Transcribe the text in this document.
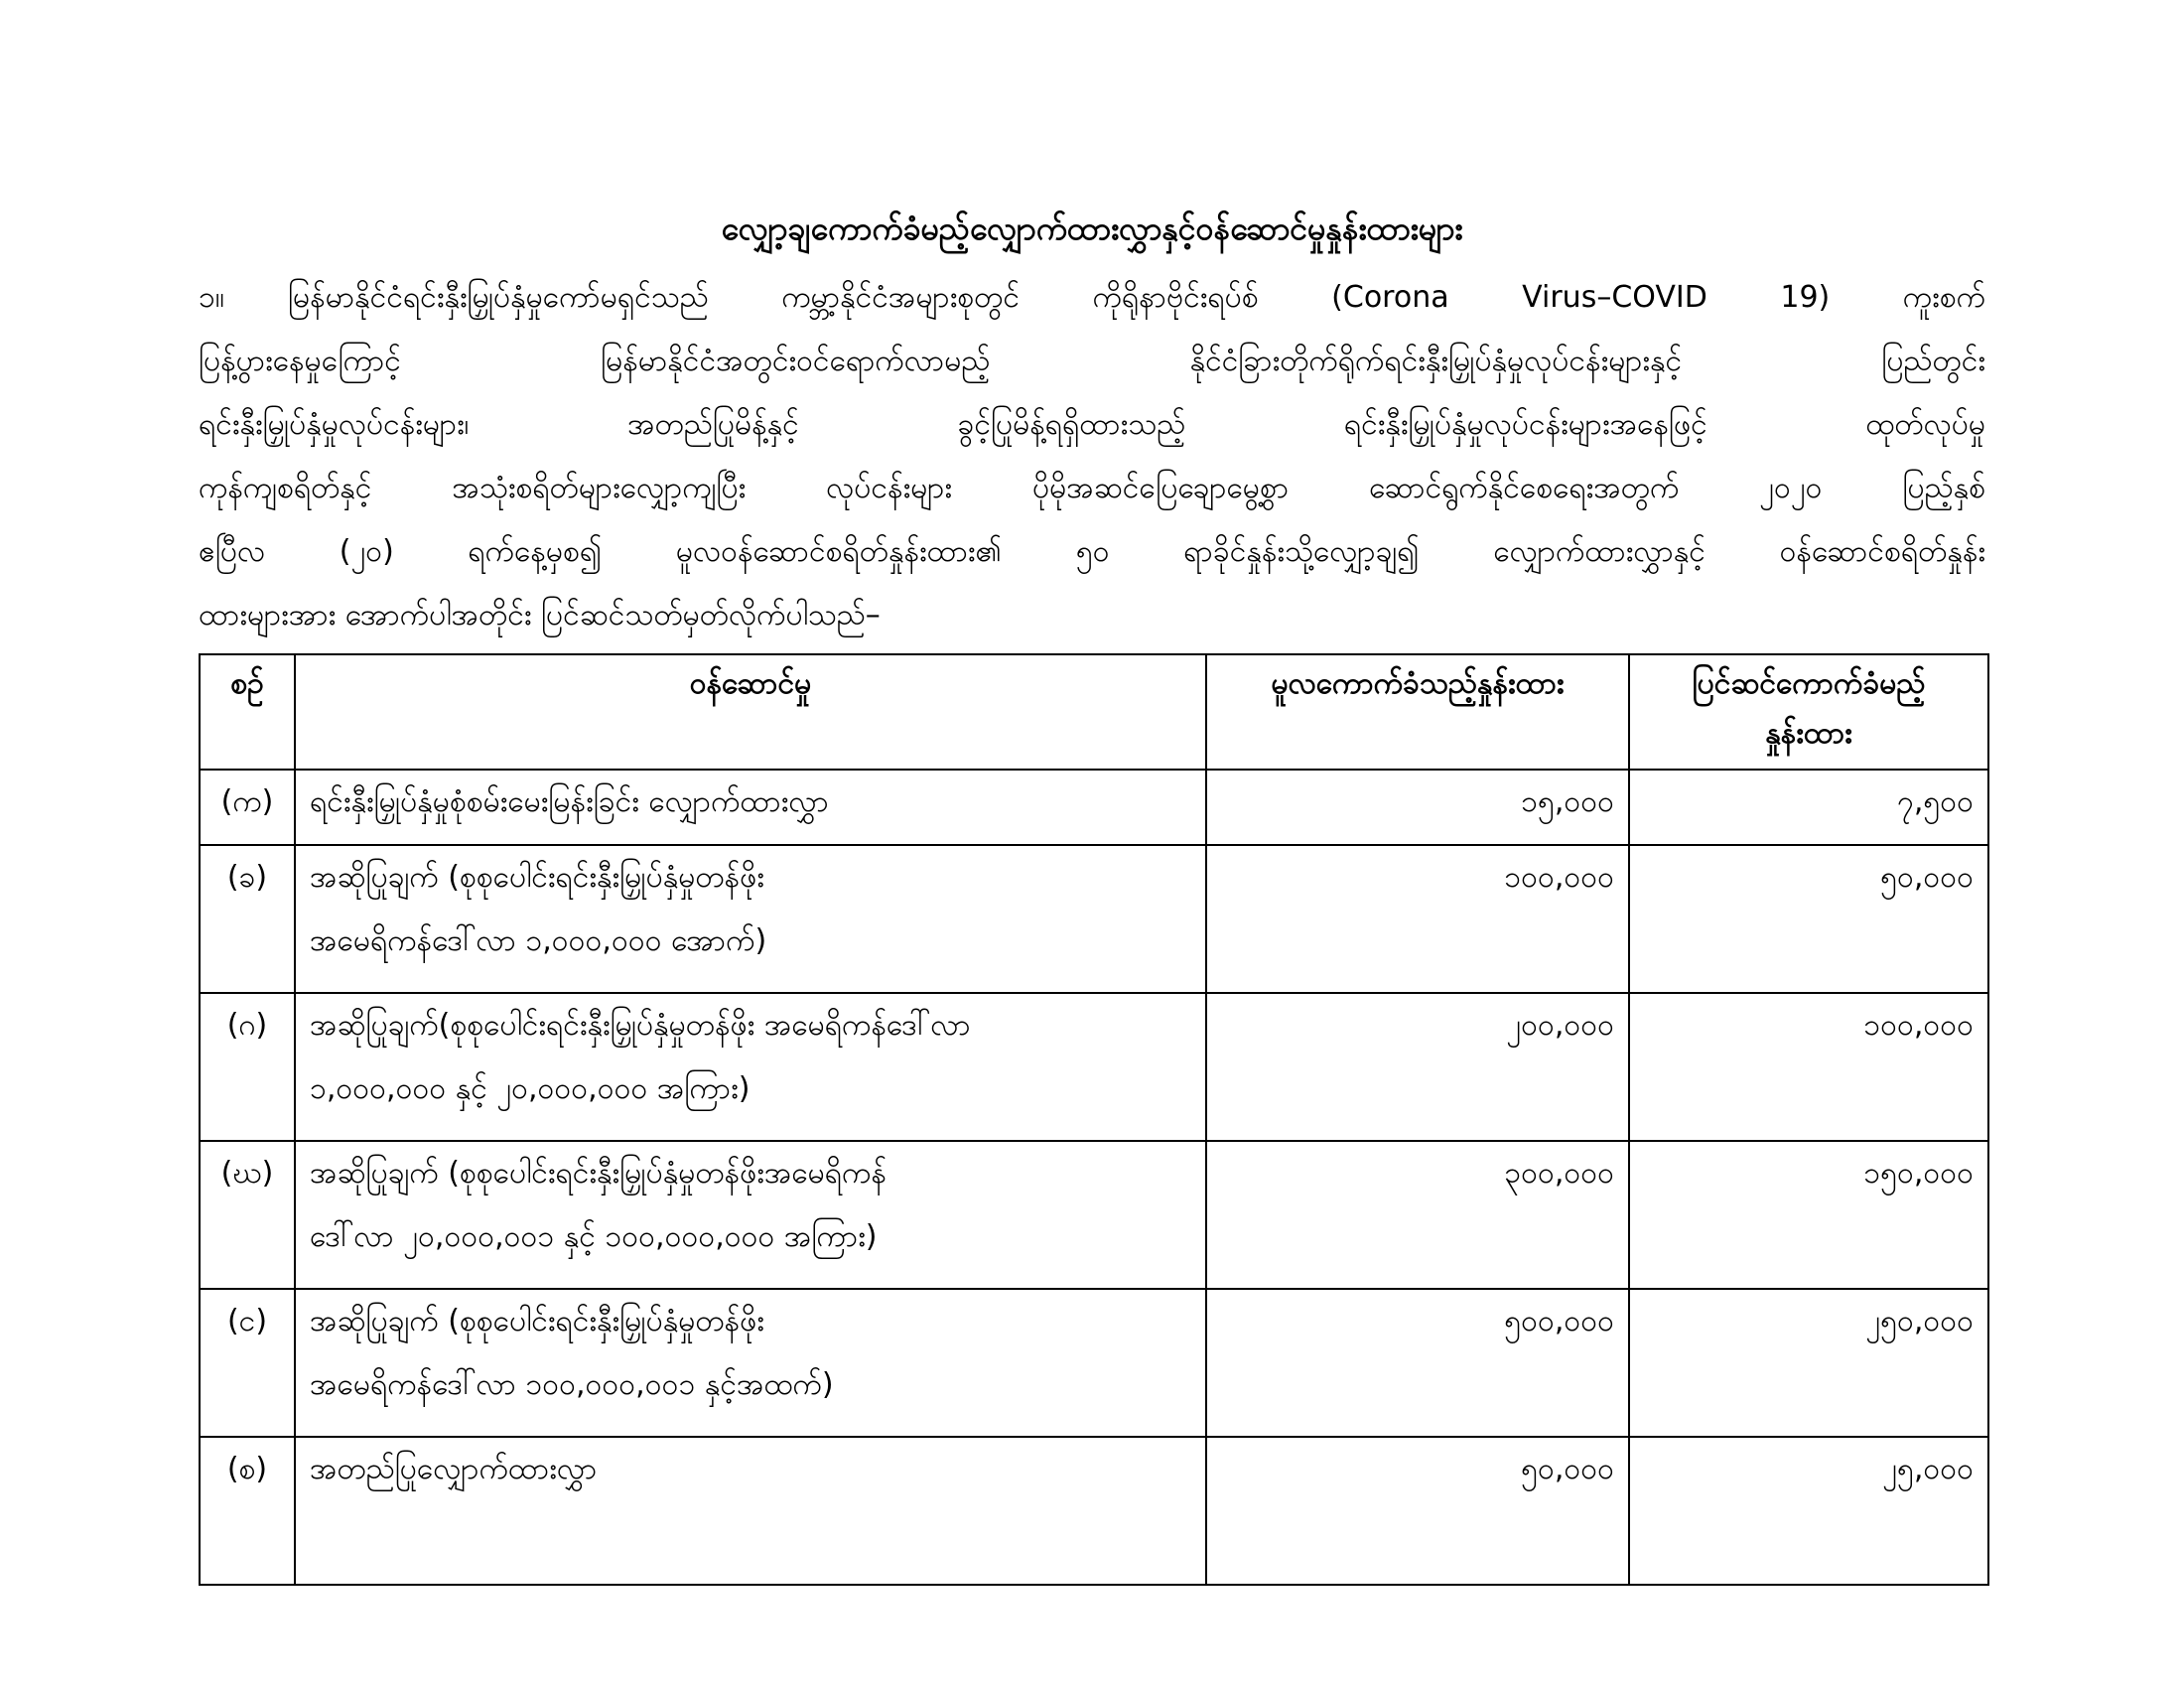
လျှော့ချကောက်ခံမည့်လျှောက်ထားလွှာနှင့်ဝန်ဆောင်မှုနှုန်းထားများ
၁။ မြန်မာနိုင်ငံရင်းနှီးမြှုပ်နှံမှုကော်မရှင်သည် ကမ္ဘာ့နိုင်ငံအများစုတွင် ကိုရိုနာဗိုင်းရပ်စ် (Corona Virus–COVID 19) ကူးစက်
ပြန့်ပွားနေမှုကြောင့် မြန်မာနိုင်ငံအတွင်းဝင်ရောက်လာမည့် နိုင်ငံခြားတိုက်ရိုက်ရင်းနှီးမြှုပ်နှံမှုလုပ်ငန်းများနှင့် ပြည်တွင်း
ရင်းနှီးမြှုပ်နှံမှုလုပ်ငန်းများ၊ အတည်ပြုမိန့်နှင့် ခွင့်ပြုမိန့်ရရှိထားသည့် ရင်းနှီးမြှုပ်နှံမှုလုပ်ငန်းများအနေဖြင့် ထုတ်လုပ်မှု
ကုန်ကျစရိတ်နှင့် အသုံးစရိတ်များလျှော့ကျပြီး လုပ်ငန်းများ ပိုမိုအဆင်ပြေချောမွေ့စွာ ဆောင်ရွက်နိုင်စေရေးအတွက် ၂၀၂၀ ပြည့်နှစ်
ဧပြီလ (၂၀) ရက်နေ့မှစ၍ မူလဝန်ဆောင်စရိတ်နှုန်းထား၏ ၅၀ ရာခိုင်နှုန်းသို့လျှော့ချ၍ လျှောက်ထားလွှာနှင့် ဝန်ဆောင်စရိတ်နှုန်း
ထားများအား အောက်ပါအတိုင်း ပြင်ဆင်သတ်မှတ်လိုက်ပါသည်–
စဉ်	ဝန်ဆောင်မှု	မူလကောက်ခံသည့်နှုန်းထား	ပြင်ဆင်ကောက်ခံမည့်
နှုန်းထား

(က)	ရင်းနှီးမြှုပ်နှံမှုစုံစမ်းမေးမြန်းခြင်း လျှောက်ထားလွှာ	၁၅,၀၀၀	၇,၅၀၀
(ခ)	အဆိုပြုချက် (စုစုပေါင်းရင်းနှီးမြှုပ်နှံမှုတန်ဖိုး
အမေရိကန်ဒေါ်လာ ၁,၀၀၀,၀၀၀ အောက်)	၁၀၀,၀၀၀	၅၀,၀၀၀
(ဂ)	အဆိုပြုချက်(စုစုပေါင်းရင်းနှီးမြှုပ်နှံမှုတန်ဖိုး အမေရိကန်ဒေါ်လာ
၁,၀၀၀,၀၀၀ နှင့် ၂၀,၀၀၀,၀၀၀ အကြား)	၂၀၀,၀၀၀	၁၀၀,၀၀၀
(ဃ)	အဆိုပြုချက် (စုစုပေါင်းရင်းနှီးမြှုပ်နှံမှုတန်ဖိုးအမေရိကန်
ဒေါ်လာ ၂၀,၀၀၀,၀၀၁ နှင့် ၁၀၀,၀၀၀,၀၀၀ အကြား)	၃၀၀,၀၀၀	၁၅၀,၀၀၀
(င)	အဆိုပြုချက် (စုစုပေါင်းရင်းနှီးမြှုပ်နှံမှုတန်ဖိုး
အမေရိကန်ဒေါ်လာ ၁၀၀,၀၀၀,၀၀၁ နှင့်အထက်)	၅၀၀,၀၀၀	၂၅၀,၀၀၀
(စ)	အတည်ပြုလျှောက်ထားလွှာ	၅၀,၀၀၀	၂၅,၀၀၀
